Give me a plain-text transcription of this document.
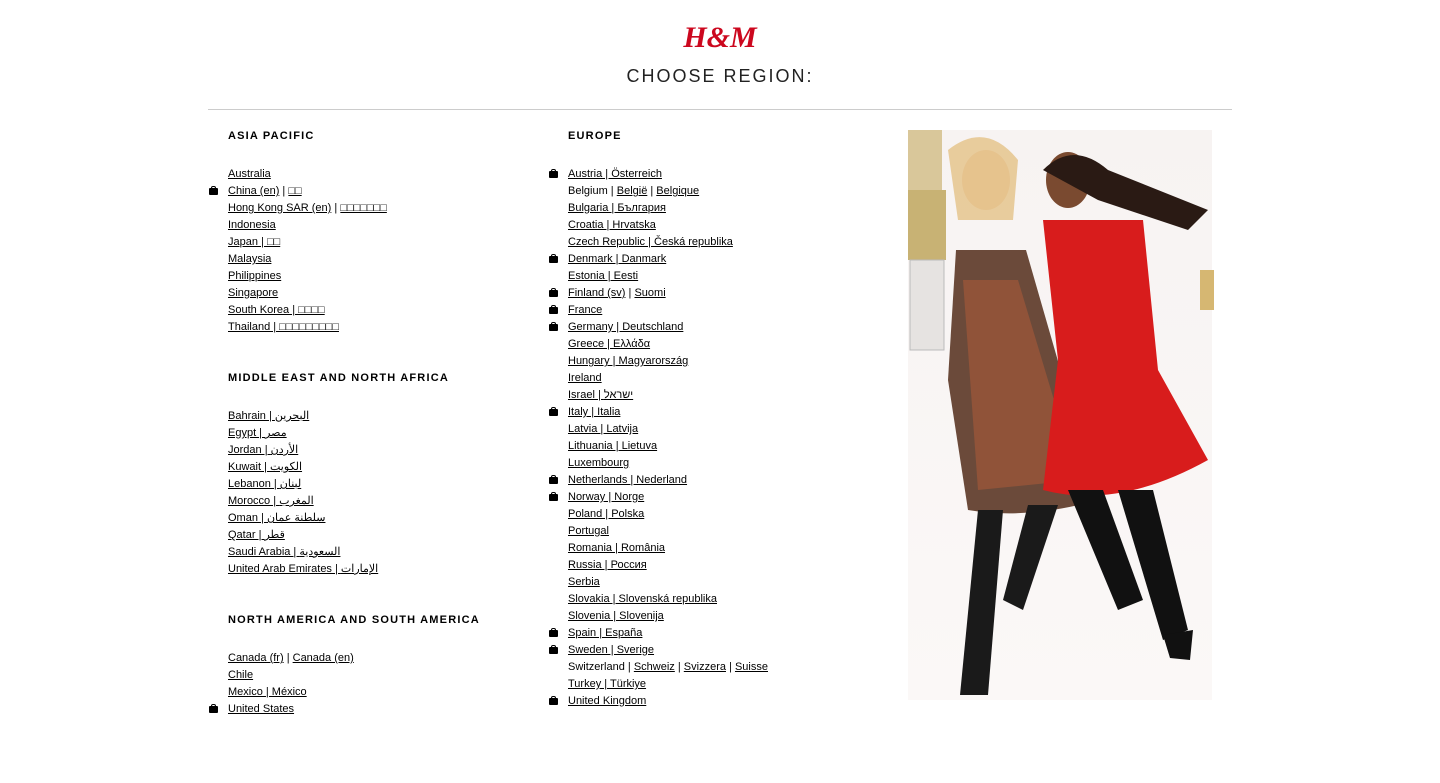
H&M
CHOOSE REGION:
ASIA PACIFIC
Australia
China (en) | □□
Hong Kong SAR (en) | □□□□□□□
Indonesia
Japan | □□
Malaysia
Philippines
Singapore
South Korea | □□□□
Thailand | □□□□□□□□□
MIDDLE EAST AND NORTH AFRICA
Bahrain | البحرين
Egypt | مصر
Jordan | الأردن
Kuwait | الكويت
Lebanon | لبنان
Morocco | المغرب
Oman | سلطنة عمان
Qatar | قطر
Saudi Arabia | السعودية
United Arab Emirates | الإمارات
NORTH AMERICA AND SOUTH AMERICA
Canada (fr) | Canada (en)
Chile
Mexico | México
United States
EUROPE
Austria | Österreich
Belgium | België | Belgique
Bulgaria | България
Croatia | Hrvatska
Czech Republic | Česká republika
Denmark | Danmark
Estonia | Eesti
Finland (sv) | Suomi
France
Germany | Deutschland
Greece | Ελλάδα
Hungary | Magyarország
Ireland
Israel | ישראל
Italy | Italia
Latvia | Latvija
Lithuania | Lietuva
Luxembourg
Netherlands | Nederland
Norway | Norge
Poland | Polska
Portugal
Romania | România
Russia | Россия
Serbia
Slovakia | Slovenská republika
Slovenia | Slovenija
Spain | España
Sweden | Sverige
Switzerland | Schweiz | Svizzera | Suisse
Turkey | Türkiye
United Kingdom
